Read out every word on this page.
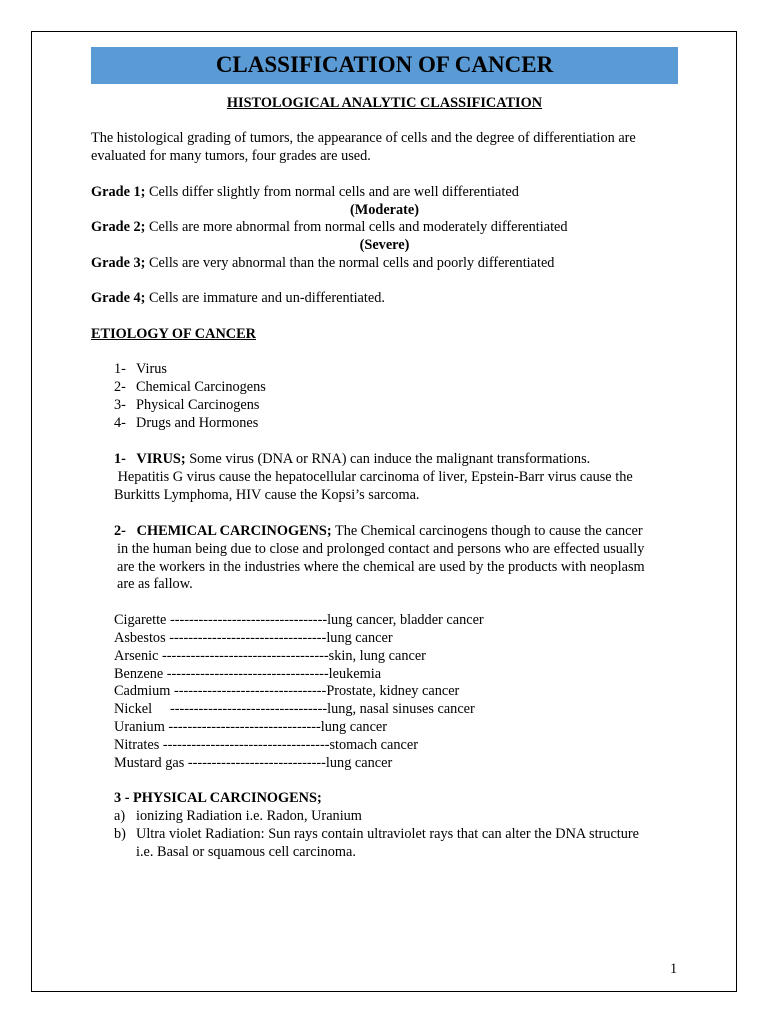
CLASSIFICATION OF CANCER
HISTOLOGICAL ANALYTIC CLASSIFICATION
The histological grading of tumors, the appearance of cells and the degree of differentiation are
evaluated for many tumors, four grades are used.
Grade 1; Cells differ slightly from normal cells and are well differentiated
(Moderate)
Grade 2; Cells are more abnormal from normal cells and moderately differentiated
(Severe)
Grade 3; Cells are very abnormal than the normal cells and poorly differentiated
Grade 4; Cells are immature and un-differentiated.
ETIOLOGY OF CANCER
1- Virus
2- Chemical Carcinogens
3- Physical Carcinogens
4- Drugs and Hormones
1-   VIRUS; Some virus (DNA or RNA) can induce the malignant transformations.
Hepatitis G virus cause the hepatocellular carcinoma of liver, Epstein-Barr virus cause the
Burkitts Lymphoma, HIV cause the Kopsi’s sarcoma.
2-   CHEMICAL CARCINOGENS; The Chemical carcinogens though to cause the cancer
in the human being due to close and prolonged contact and persons who are effected usually
are the workers in the industries where the chemical are used by the products with neoplasm
are as fallow.
Cigarette ---------------------------------lung cancer, bladder cancer
Asbestos ---------------------------------lung cancer
Arsenic -----------------------------------skin, lung cancer
Benzene ----------------------------------leukemia
Cadmium --------------------------------Prostate, kidney cancer
Nickel     ---------------------------------lung, nasal sinuses cancer
Uranium --------------------------------lung cancer
Nitrates -----------------------------------stomach cancer
Mustard gas -----------------------------lung cancer
3 - PHYSICAL CARCINOGENS;
a) ionizing Radiation i.e. Radon, Uranium
b) Ultra violet Radiation: Sun rays contain ultraviolet rays that can alter the DNA structure
i.e. Basal or squamous cell carcinoma.
1
